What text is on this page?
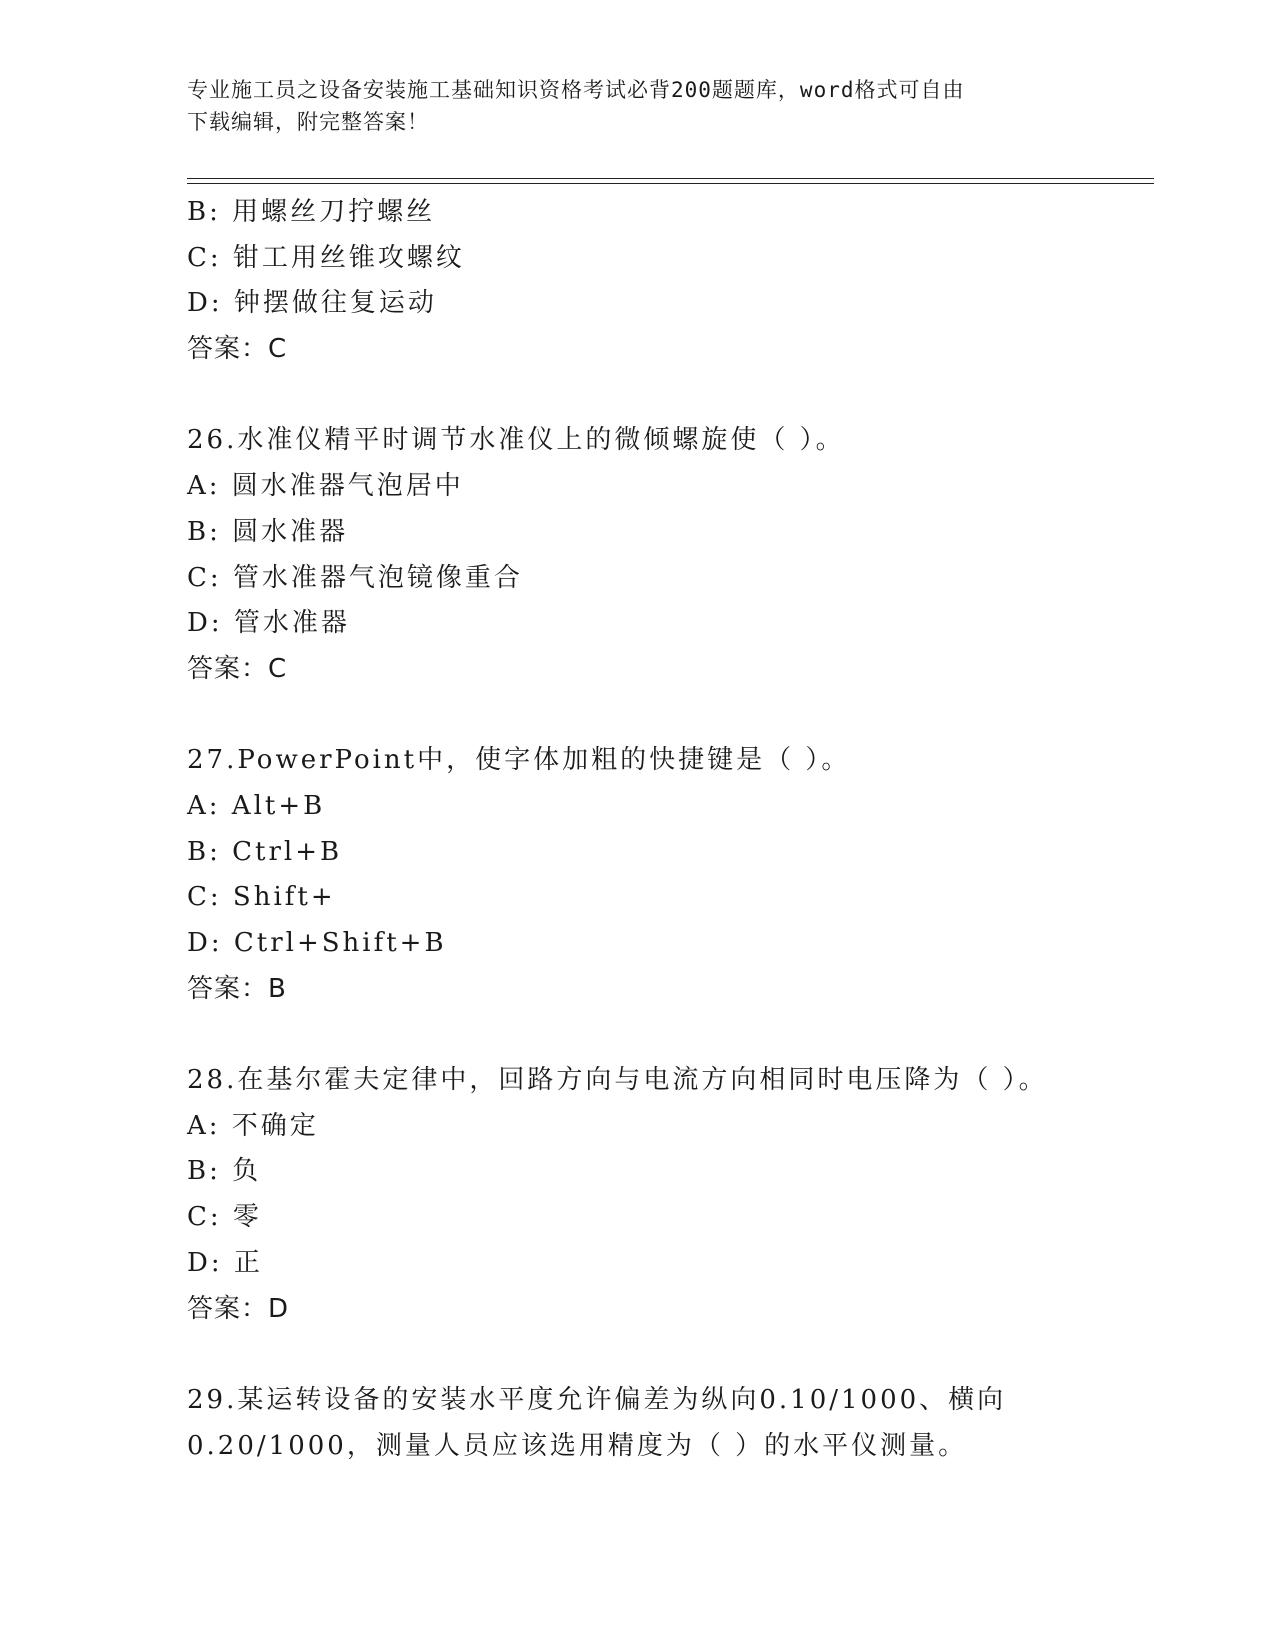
专业施工员之设备安装施工基础知识资格考试必背200题题库，word格式可自由
下载编辑，附完整答案！
B: 用螺丝刀拧螺丝
C: 钳工用丝锥攻螺纹
D: 钟摆做往复运动
答案：C
26.水准仪精平时调节水准仪上的微倾螺旋使（ ）。
A: 圆水准器气泡居中
B: 圆水准器
C: 管水准器气泡镜像重合
D: 管水准器
答案：C
27.PowerPoint中，使字体加粗的快捷键是（ ）。
A: Alt+B
B: Ctrl+B
C: Shift+
D: Ctrl+Shift+B
答案：B
28.在基尔霍夫定律中，回路方向与电流方向相同时电压降为（ ）。
A: 不确定
B: 负
C: 零
D: 正
答案：D
29.某运转设备的安装水平度允许偏差为纵向0.10/1000、横向
0.20/1000，测量人员应该选用精度为（ ）的水平仪测量。
